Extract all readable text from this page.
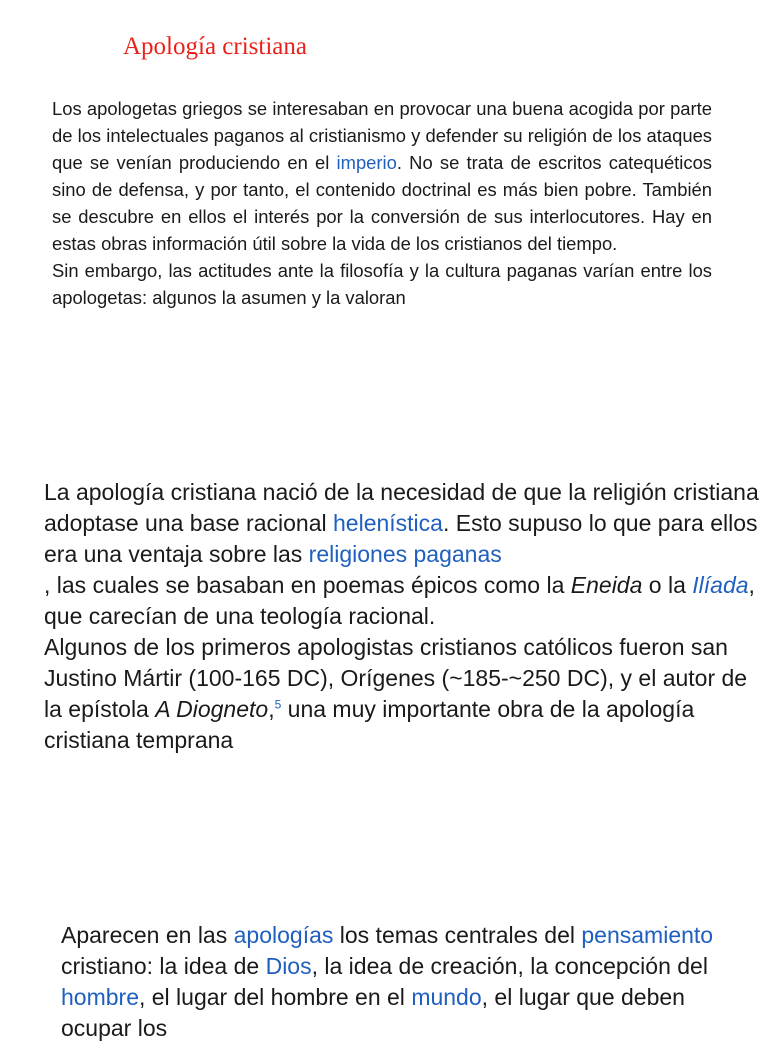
Apología cristiana

Los apologetas griegos se interesaban en provocar una buena acogida por parte de los intelectuales paganos al cristianismo y defender su religión de los ataques que se venían produciendo en el imperio. No se trata de escritos catequéticos sino de defensa, y por tanto, el contenido doctrinal es más bien pobre. También se descubre en ellos el interés por la conversión de sus interlocutores. Hay en estas obras información útil sobre la vida de los cristianos del tiempo.

Sin embargo, las actitudes ante la filosofía y la cultura paganas varían entre los apologetas: algunos la asumen y la valoran

La apología cristiana nació de la necesidad de que la religión cristiana adoptase una base racional helenística. Esto supuso lo que para ellos era una ventaja sobre las religiones paganas
, las cuales se basaban en poemas épicos como la Eneida o la Ilíada, que carecían de una teología racional.

Algunos de los primeros apologistas cristianos católicos fueron san Justino Mártir (100-165 DC), Orígenes (~185-~250 DC), y el autor de la epístola A Diogneto,$^5$ una muy importante obra de la apología cristiana temprana

Aparecen en las apologías los temas centrales del pensamiento cristiano: la idea de Dios, la idea de creación, la concepción del hombre, el lugar del hombre en el mundo, el lugar que deben ocupar los
